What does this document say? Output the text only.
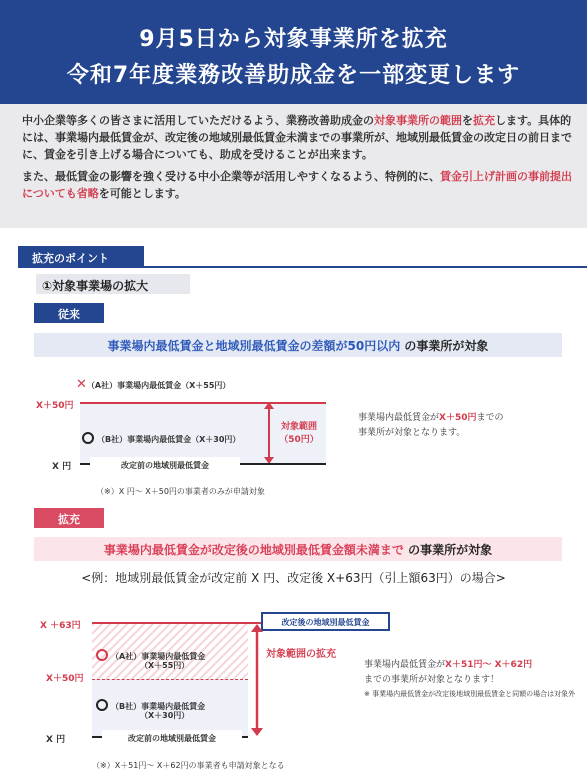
9月5日から対象事業所を拡充
令和7年度業務改善助成金を一部変更します

中小企業等多くの皆さまに活用していただけるよう、業務改善助成金の対象事業所の範囲を拡充します。具体的には、事業場内最低賃金が、改定後の地域別最低賃金未満までの事業所が、地域別最低賃金の改定日の前日までに、賃金を引き上げる場合についても、助成を受けることが出来ます。

また、最低賃金の影響を強く受ける中小企業等が活用しやすくなるよう、特例的に、賃金引上げ計画の事前提出についても省略を可能とします。

拡充のポイント
①対象事業場の拡大
従来
事業場内最低賃金と地域別最低賃金の差額が50円以内 の事業所が対象
✕（A社）事業場内最低賃金（X＋55円）
X＋50円
（B社）事業場内最低賃金（X＋30円）
対象範囲
（50円）
X 円	改定前の地域別最低賃金
事業場内最低賃金がX＋50円までの
事業所が対象となります。
（※）X 円～ X＋50円の事業者のみが申請対象
拡充
事業場内最低賃金が改定後の地域別最低賃金額未満まで の事業所が対象
<例：地域別最低賃金が改定前 X 円、改定後 X+63円（引上額63円）の場合>
X ＋63円	改定後の地域別最低賃金
X＋50円
（A社）事業場内最低賃金
（X＋55円）
（B社）事業場内最低賃金
（X＋30円）
対象範囲の拡充
X 円	改定前の地域別最低賃金
事業場内最低賃金がX＋51円～ X＋62円
までの事業所が対象となります！
※ 事業場内最低賃金が改定後地域別最低賃金と同額の場合は対象外
（※）X＋51円～ X＋62円の事業者も申請対象となる
